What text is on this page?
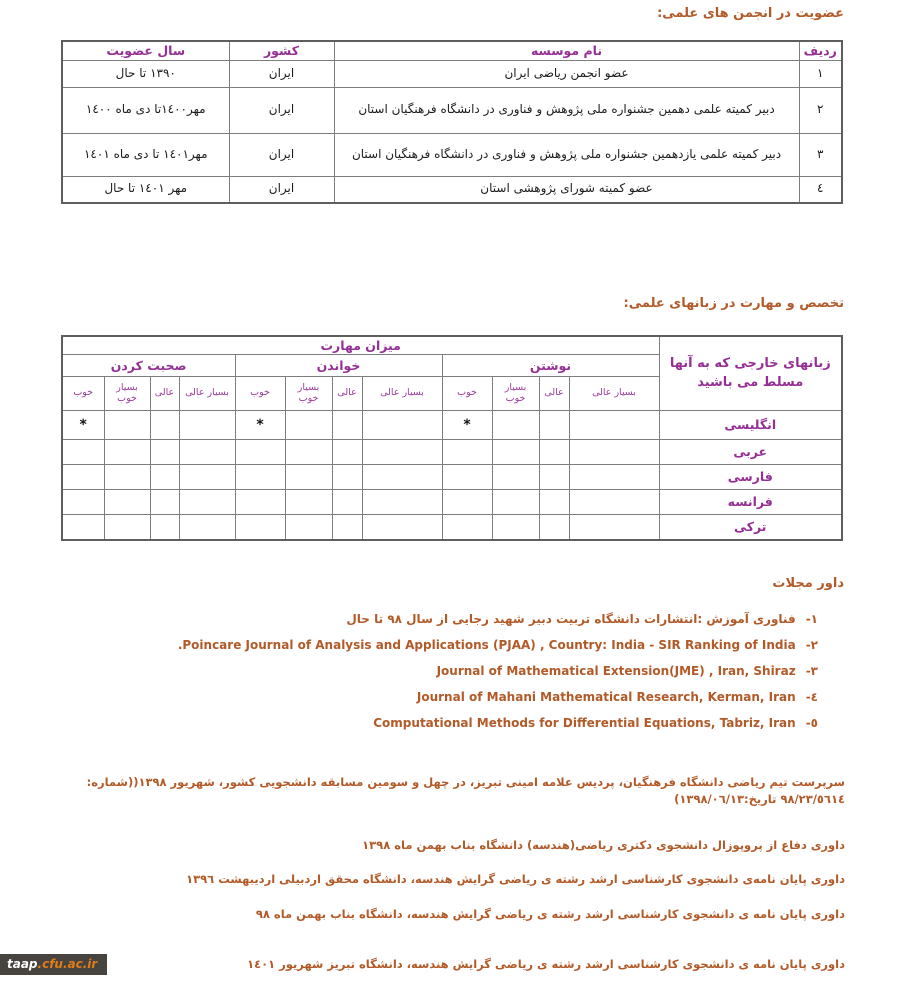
عضویت در انجمن های علمی:
ردیف	نام موسسه	کشور	سال عضویت
١	عضو انجمن ریاضی ایران	ایران	١٣٩٠ تا حال
٢	دبیر کمیته علمی دهمین جشنواره ملی پژوهش و فناوری در دانشگاه فرهنگیان استان	ایران	مهر١٤٠٠تا دی ماه ١٤٠٠
٣	دبیر کمیته علمی یازدهمین جشنواره ملی پژوهش و فناوری در دانشگاه فرهنگیان استان	ایران	مهر١٤٠١ تا دی ماه ١٤٠١
٤	عضو کمیته شورای پژوهشی استان	ایران	مهر ١٤٠١ تا حال
تخصص و مهارت در زبانهای علمی:
زبانهای خارجی که به آنها مسلط می باشید	میزان مهارت											
	نوشتن				خواندن				صحبت کردن			
	بسیار عالی	عالی	بسیار خوب	خوب	بسیار عالی	عالی	بسیار خوب	خوب	بسیار عالی	عالی	بسیار خوب	خوب
انگلیسی				*				*				*
عربی												
فارسی												
فرانسه												
ترکی												
داور مجلات
١-فناوری آموزش :انتشارات دانشگاه تربیت دبیر شهید رجایی از سال ٩٨ تا حال
٢-Poincare Journal of Analysis and Applications (PJAA) , Country: India - SIR Ranking of India.
٣-Journal of Mathematical Extension(JME) , Iran, Shiraz
٤-Journal of Mahani Mathematical Research, Kerman, Iran
٥-Computational Methods for Differential Equations, Tabriz, Iran
سرپرست تیم ریاضی دانشگاه فرهنگیان، پردیس علامه امینی تبریز، در چهل و سومین مسابقه دانشجویی کشور، شهریور ١٣٩٨((شماره: ٩٨/٢٣/٥٦١٤ تاریخ:١٣٩٨/٠٦/١٣)
داوری دفاع از پروپوزال دانشجوی دکتری ریاضی(هندسه) دانشگاه بناب بهمن ماه ١٣٩٨
داوری پایان نامه‌ی دانشجوی کارشناسی ارشد رشته ی ریاضی گرایش هندسه، دانشگاه محقق اردبیلی اردیبهشت ١٣٩٦
داوری پایان نامه ی دانشجوی کارشناسی ارشد رشته ی ریاضی گرایش هندسه، دانشگاه بناب بهمن ماه ٩٨
داوری پایان نامه ی دانشجوی کارشناسی ارشد رشته ی ریاضی گرایش هندسه، دانشگاه تبریز شهریور ١٤٠١
taap.cfu.ac.ir
